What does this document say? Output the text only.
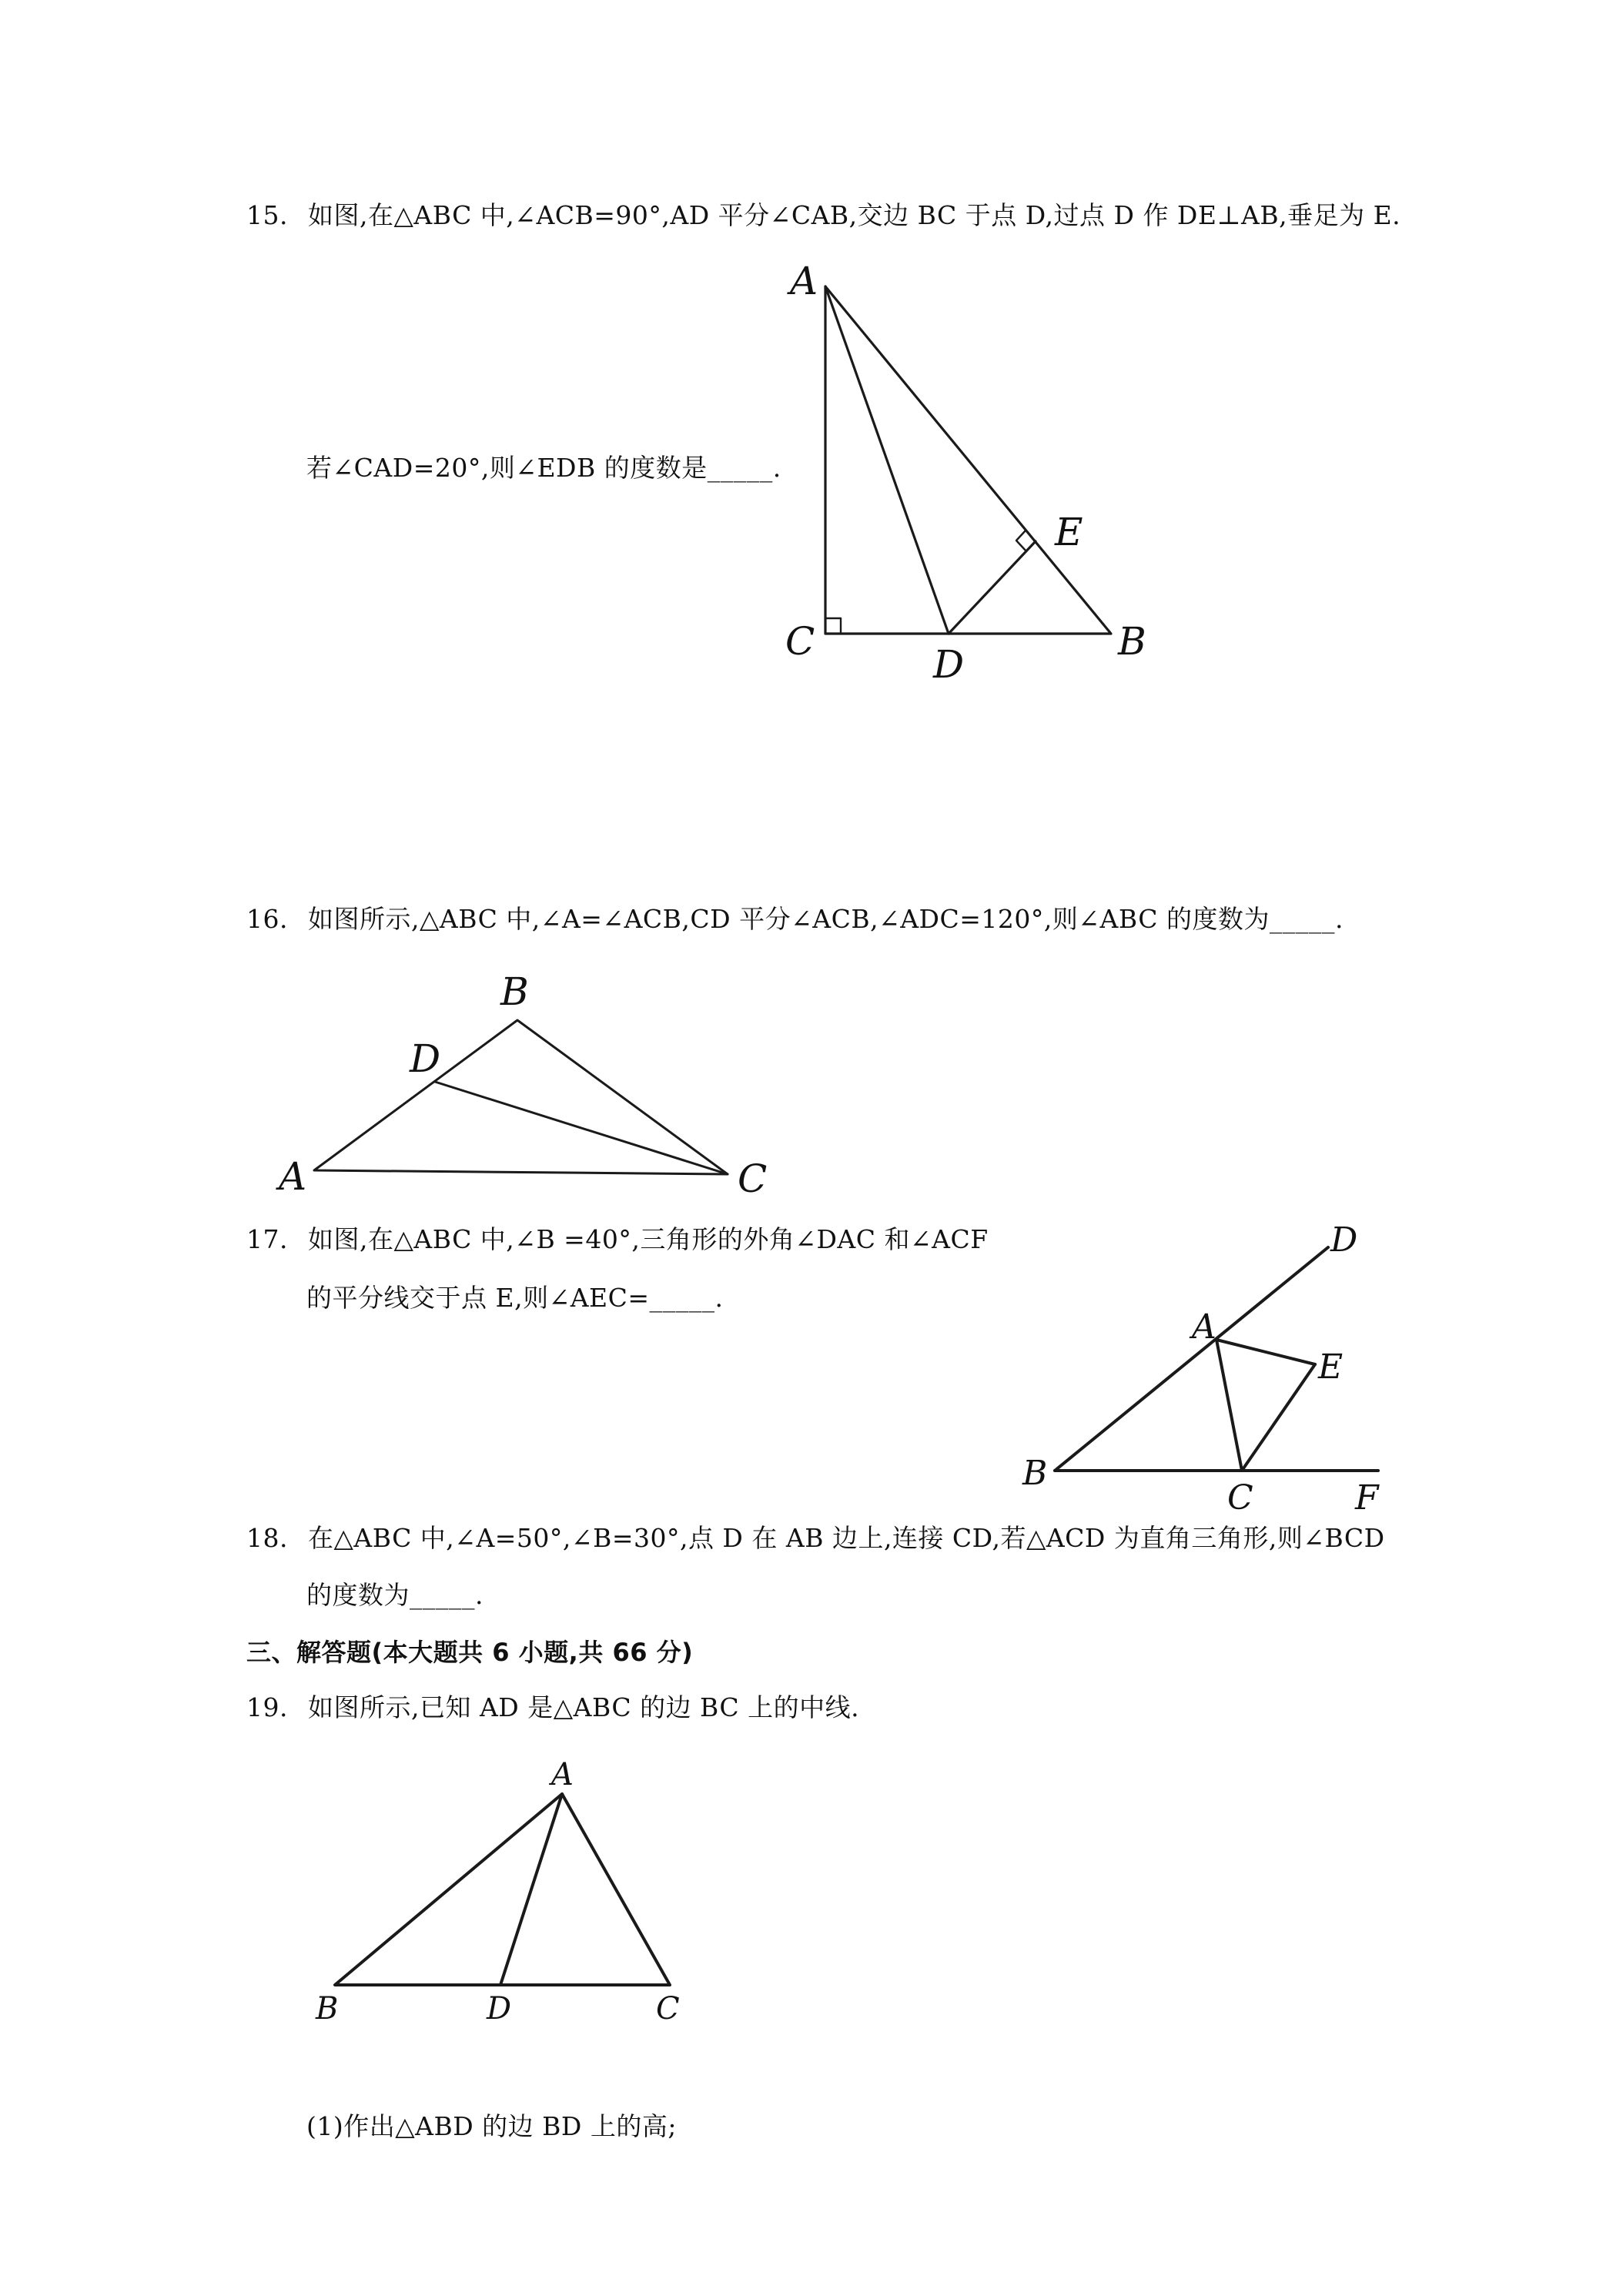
15. 如图,在△ABC 中,∠ACB=90°,AD 平分∠CAB,交边 BC 于点 D,过点 D 作 DE⊥AB,垂足为 E.
若∠CAD=20°,则∠EDB 的度数是_____.
A
C
D
B
E
16. 如图所示,△ABC 中,∠A=∠ACB,CD 平分∠ACB,∠ADC=120°,则∠ABC 的度数为_____.
B
D
A	C
17. 如图,在△ABC 中,∠B =40°,三角形的外角∠DAC 和∠ACF
的平分线交于点 E,则∠AEC=_____.
D
A
E
B
C	F
18. 在△ABC 中,∠A=50°,∠B=30°,点 D 在 AB 边上,连接 CD,若△ACD 为直角三角形,则∠BCD
的度数为_____.
三、解答题(本大题共 6 小题,共 66 分)
19. 如图所示,已知 AD 是△ABC 的边 BC 上的中线.
A
B	D	C
(1)作出△ABD 的边 BD 上的高;
